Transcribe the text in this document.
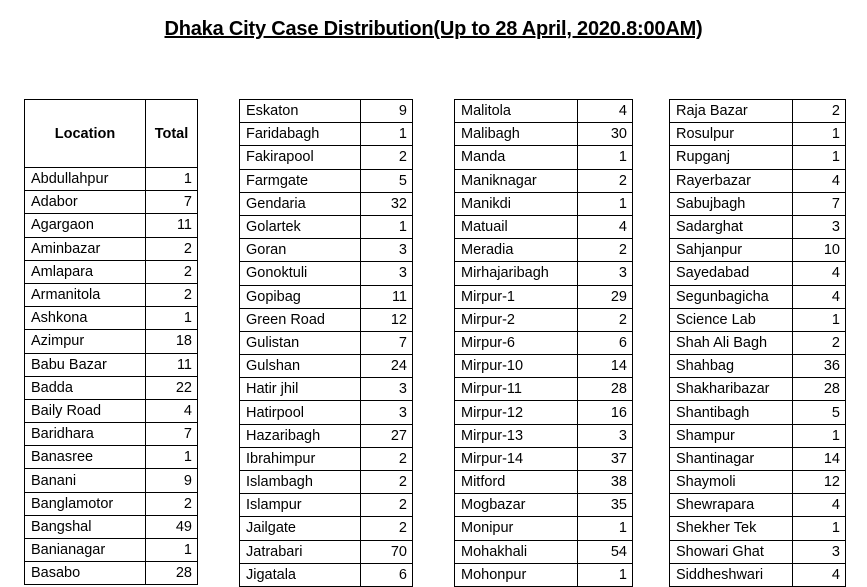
Dhaka City Case Distribution(Up to 28 April, 2020.8:00AM)
Location	Total
Abdullahpur	1
Adabor	7
Agargaon	11
Aminbazar	2
Amlapara	2
Armanitola	2
Ashkona	1
Azimpur	18
Babu Bazar	11
Badda	22
Baily Road	4
Baridhara	7
Banasree	1
Banani	9
Banglamotor	2
Bangshal	49
Banianagar	1
Basabo	28
Eskaton	9
Faridabagh	1
Fakirapool	2
Farmgate	5
Gendaria	32
Golartek	1
Goran	3
Gonoktuli	3
Gopibag	11
Green Road	12
Gulistan	7
Gulshan	24
Hatir jhil	3
Hatirpool	3
Hazaribagh	27
Ibrahimpur	2
Islambagh	2
Islampur	2
Jailgate	2
Jatrabari	70
Jigatala	6
Malitola	4
Malibagh	30
Manda	1
Maniknagar	2
Manikdi	1
Matuail	4
Meradia	2
Mirhajaribagh	3
Mirpur-1	29
Mirpur-2	2
Mirpur-6	6
Mirpur-10	14
Mirpur-11	28
Mirpur-12	16
Mirpur-13	3
Mirpur-14	37
Mitford	38
Mogbazar	35
Monipur	1
Mohakhali	54
Mohonpur	1
Raja Bazar	2
Rosulpur	1
Rupganj	1
Rayerbazar	4
Sabujbagh	7
Sadarghat	3
Sahjanpur	10
Sayedabad	4
Segunbagicha	4
Science Lab	1
Shah Ali Bagh	2
Shahbag	36
Shakharibazar	28
Shantibagh	5
Shampur	1
Shantinagar	14
Shaymoli	12
Shewrapara	4
Shekher Tek	1
Showari Ghat	3
Siddheshwari	4
